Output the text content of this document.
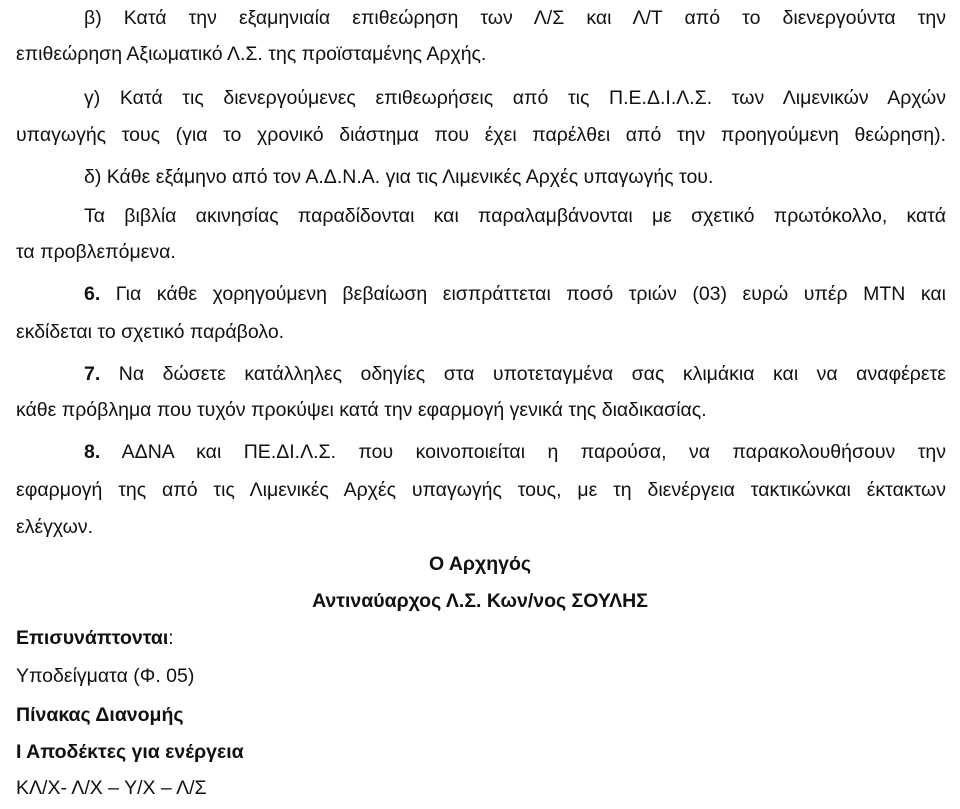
β) Κατά την εξαμηνιαία επιθεώρηση των Λ/Σ και Λ/Τ από το διενεργούντα την
επιθεώρηση Αξιωματικό Λ.Σ. της προϊσταμένης Αρχής.
γ) Κατά τις διενεργούμενες επιθεωρήσεις από τις Π.Ε.Δ.Ι.Λ.Σ. των Λιμενικών Αρχών
υπαγωγής τους (για το χρονικό διάστημα που έχει παρέλθει από την προηγούμενη θεώρηση).
δ) Κάθε εξάμηνο από τον Α.Δ.Ν.Α. για τις Λιμενικές Αρχές υπαγωγής του.
Τα βιβλία ακινησίας παραδίδονται και παραλαμβάνονται με σχετικό πρωτόκολλο, κατά
τα προβλεπόμενα.
6. Για κάθε χορηγούμενη βεβαίωση εισπράττεται ποσό τριών (03) ευρώ υπέρ ΜΤΝ και
εκδίδεται το σχετικό παράβολο.
7. Να δώσετε κατάλληλες οδηγίες στα υποτεταγμένα σας κλιμάκια και να αναφέρετε
κάθε πρόβλημα που τυχόν προκύψει κατά την εφαρμογή γενικά της διαδικασίας.
8. ΑΔΝΑ και ΠΕ.ΔΙ.Λ.Σ. που κοινοποιείται η παρούσα, να παρακολουθήσουν την
εφαρμογή της από τις Λιμενικές Αρχές υπαγωγής τους, με τη διενέργεια τακτικώνκαι έκτακτων
ελέγχων.
Ο Αρχηγός
Αντιναύαρχος Λ.Σ. Κων/νος ΣΟΥΛΗΣ
Επισυνάπτονται:
Υποδείγματα (Φ. 05)
Πίνακας Διανομής
Ι Αποδέκτες για ενέργεια
ΚΛ/Χ- Λ/Χ – Υ/Χ – Λ/Σ
